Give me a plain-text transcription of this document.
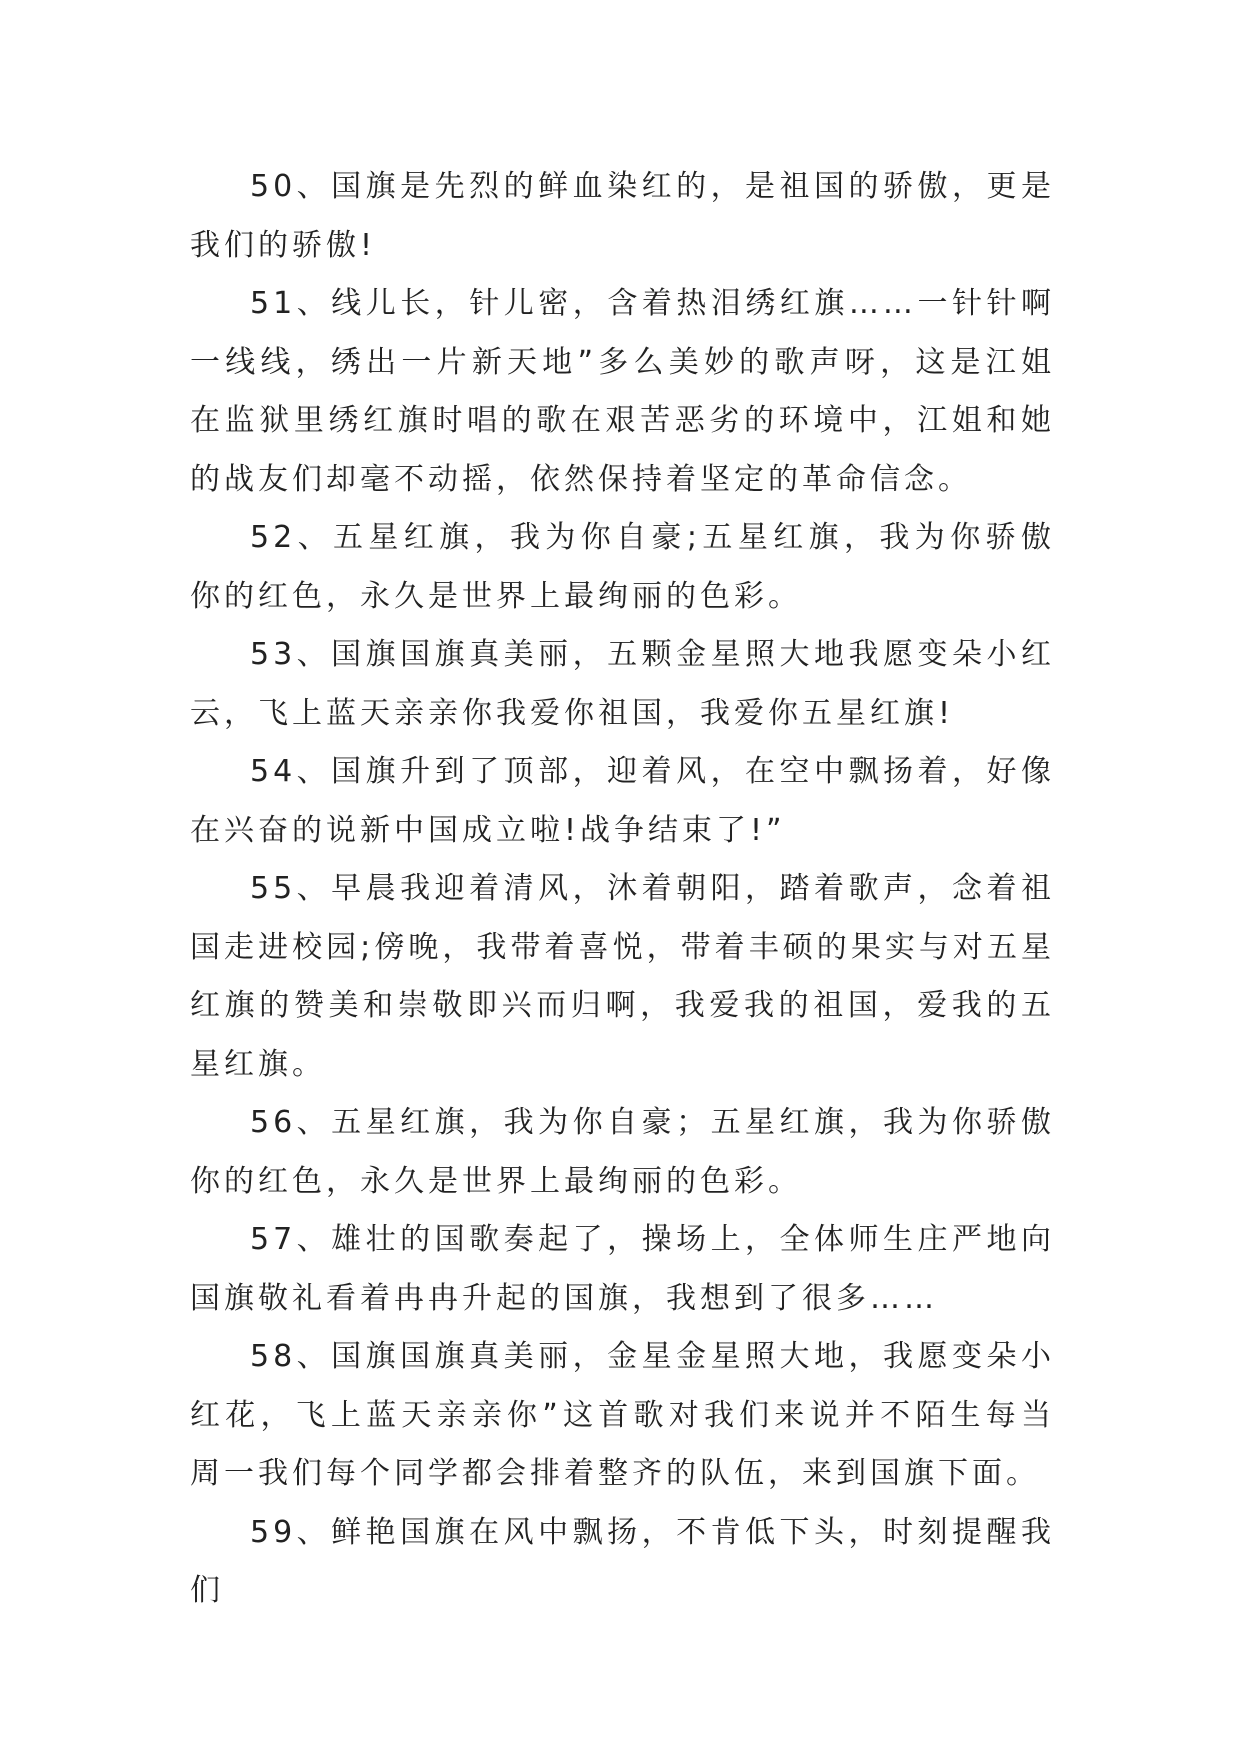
50、国旗是先烈的鲜血染红的，是祖国的骄傲，更是我们的骄傲!

51、线儿长，针儿密，含着热泪绣红旗……一针针啊一线线，绣出一片新天地”多么美妙的歌声呀，这是江姐在监狱里绣红旗时唱的歌在艰苦恶劣的环境中，江姐和她的战友们却毫不动摇，依然保持着坚定的革命信念。

52、五星红旗，我为你自豪;五星红旗，我为你骄傲你的红色，永久是世界上最绚丽的色彩。

53、国旗国旗真美丽，五颗金星照大地我愿变朵小红云，飞上蓝天亲亲你我爱你祖国，我爱你五星红旗!

54、国旗升到了顶部，迎着风，在空中飘扬着，好像在兴奋的说新中国成立啦!战争结束了!”

55、早晨我迎着清风，沐着朝阳，踏着歌声，念着祖国走进校园;傍晚，我带着喜悦，带着丰硕的果实与对五星红旗的赞美和崇敬即兴而归啊，我爱我的祖国，爱我的五星红旗。

56、五星红旗，我为你自豪；五星红旗，我为你骄傲你的红色，永久是世界上最绚丽的色彩。

57、雄壮的国歌奏起了，操场上，全体师生庄严地向国旗敬礼看着冉冉升起的国旗，我想到了很多……

58、国旗国旗真美丽，金星金星照大地，我愿变朵小红花，飞上蓝天亲亲你”这首歌对我们来说并不陌生每当周一我们每个同学都会排着整齐的队伍，来到国旗下面。

59、鲜艳国旗在风中飘扬，不肯低下头，时刻提醒我们
